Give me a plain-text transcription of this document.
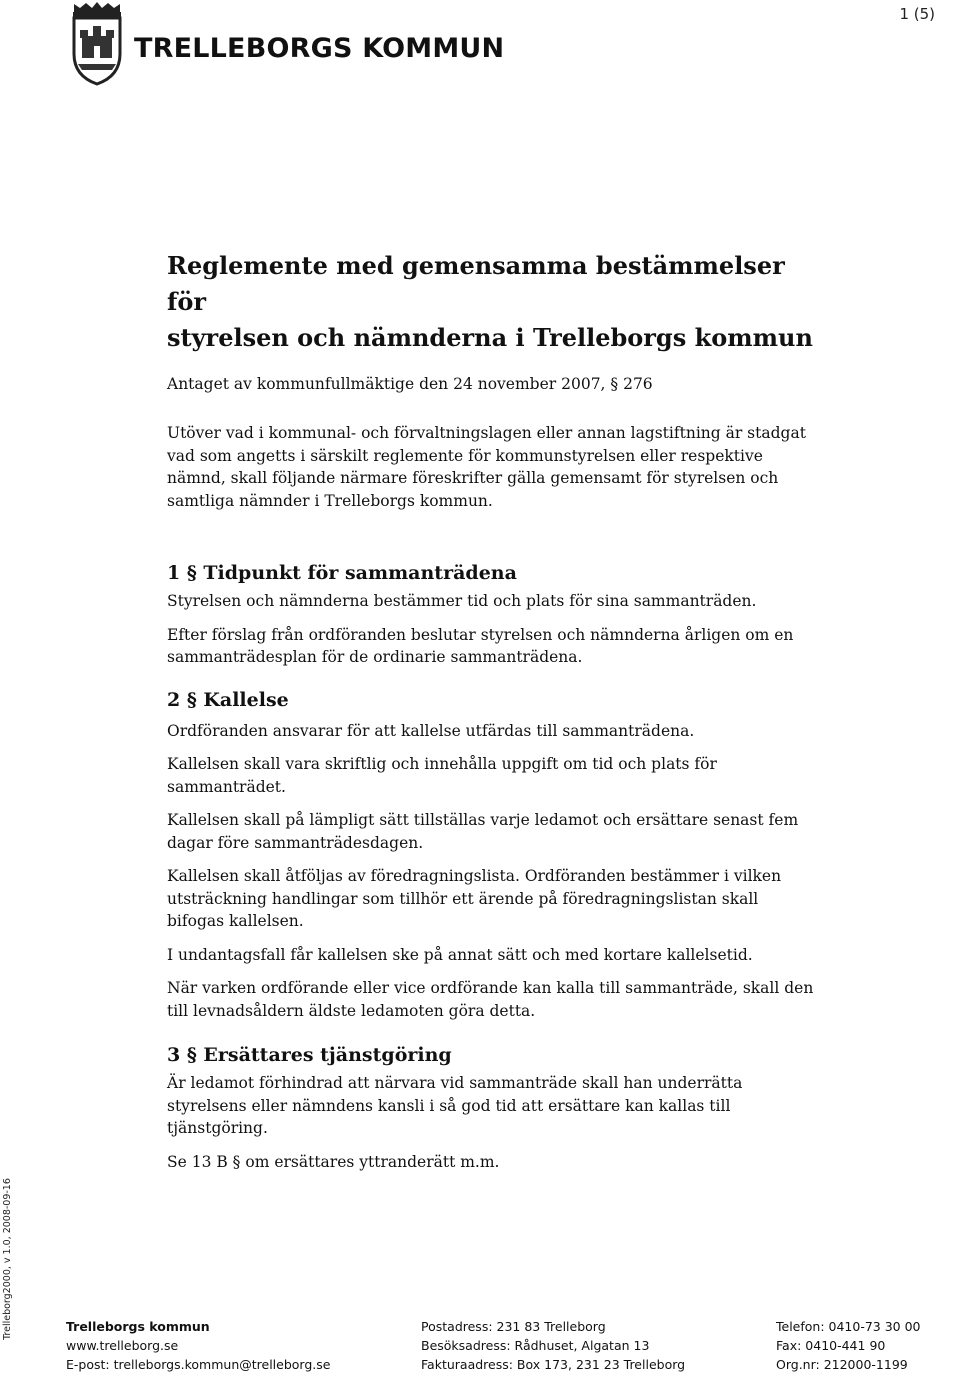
TRELLEBORGS KOMMUN
1 (5)
Reglemente med gemensamma bestämmelser för
styrelsen och nämnderna i Trelleborgs kommun

Antaget av kommunfullmäktige den 24 november 2007, § 276

Utöver vad i kommunal- och förvaltningslagen eller annan lagstiftning är stadgat vad som angetts i särskilt reglemente för kommunstyrelsen eller respektive nämnd, skall följande närmare föreskrifter gälla gemensamt för styrelsen och samtliga nämnder i Trelleborgs kommun.

1 § Tidpunkt för sammanträdena

Styrelsen och nämnderna bestämmer tid och plats för sina sammanträden.

Efter förslag från ordföranden beslutar styrelsen och nämnderna årligen om en sammanträdesplan för de ordinarie sammanträdena.

2 § Kallelse

Ordföranden ansvarar för att kallelse utfärdas till sammanträdena.

Kallelsen skall vara skriftlig och innehålla uppgift om tid och plats för sammanträdet.

Kallelsen skall på lämpligt sätt tillställas varje ledamot och ersättare senast fem dagar före sammanträdesdagen.

Kallelsen skall åtföljas av föredragningslista. Ordföranden bestämmer i vilken utsträckning handlingar som tillhör ett ärende på föredragningslistan skall bifogas kallelsen.

I undantagsfall får kallelsen ske på annat sätt och med kortare kallelsetid.

När varken ordförande eller vice ordförande kan kalla till sammanträde, skall den till levnadsåldern äldste ledamoten göra detta.

3 § Ersättares tjänstgöring

Är ledamot förhindrad att närvara vid sammanträde skall han underrätta styrelsens eller nämndens kansli i så god tid att ersättare kan kallas till tjänstgöring.

Se 13 B § om ersättares yttranderätt m.m.

Trelleborg2000, v 1.0, 2008-09-16	Trelleborgs kommun
www.trelleborg.se
E-post: trelleborgs.kommun@trelleborg.se
Postadress: 231 83 Trelleborg
Besöksadress: Rådhuset, Algatan 13
Fakturaadress: Box 173, 231 23 Trelleborg
Telefon: 0410-73 30 00
Fax: 0410-441 90
Org.nr: 212000-1199
